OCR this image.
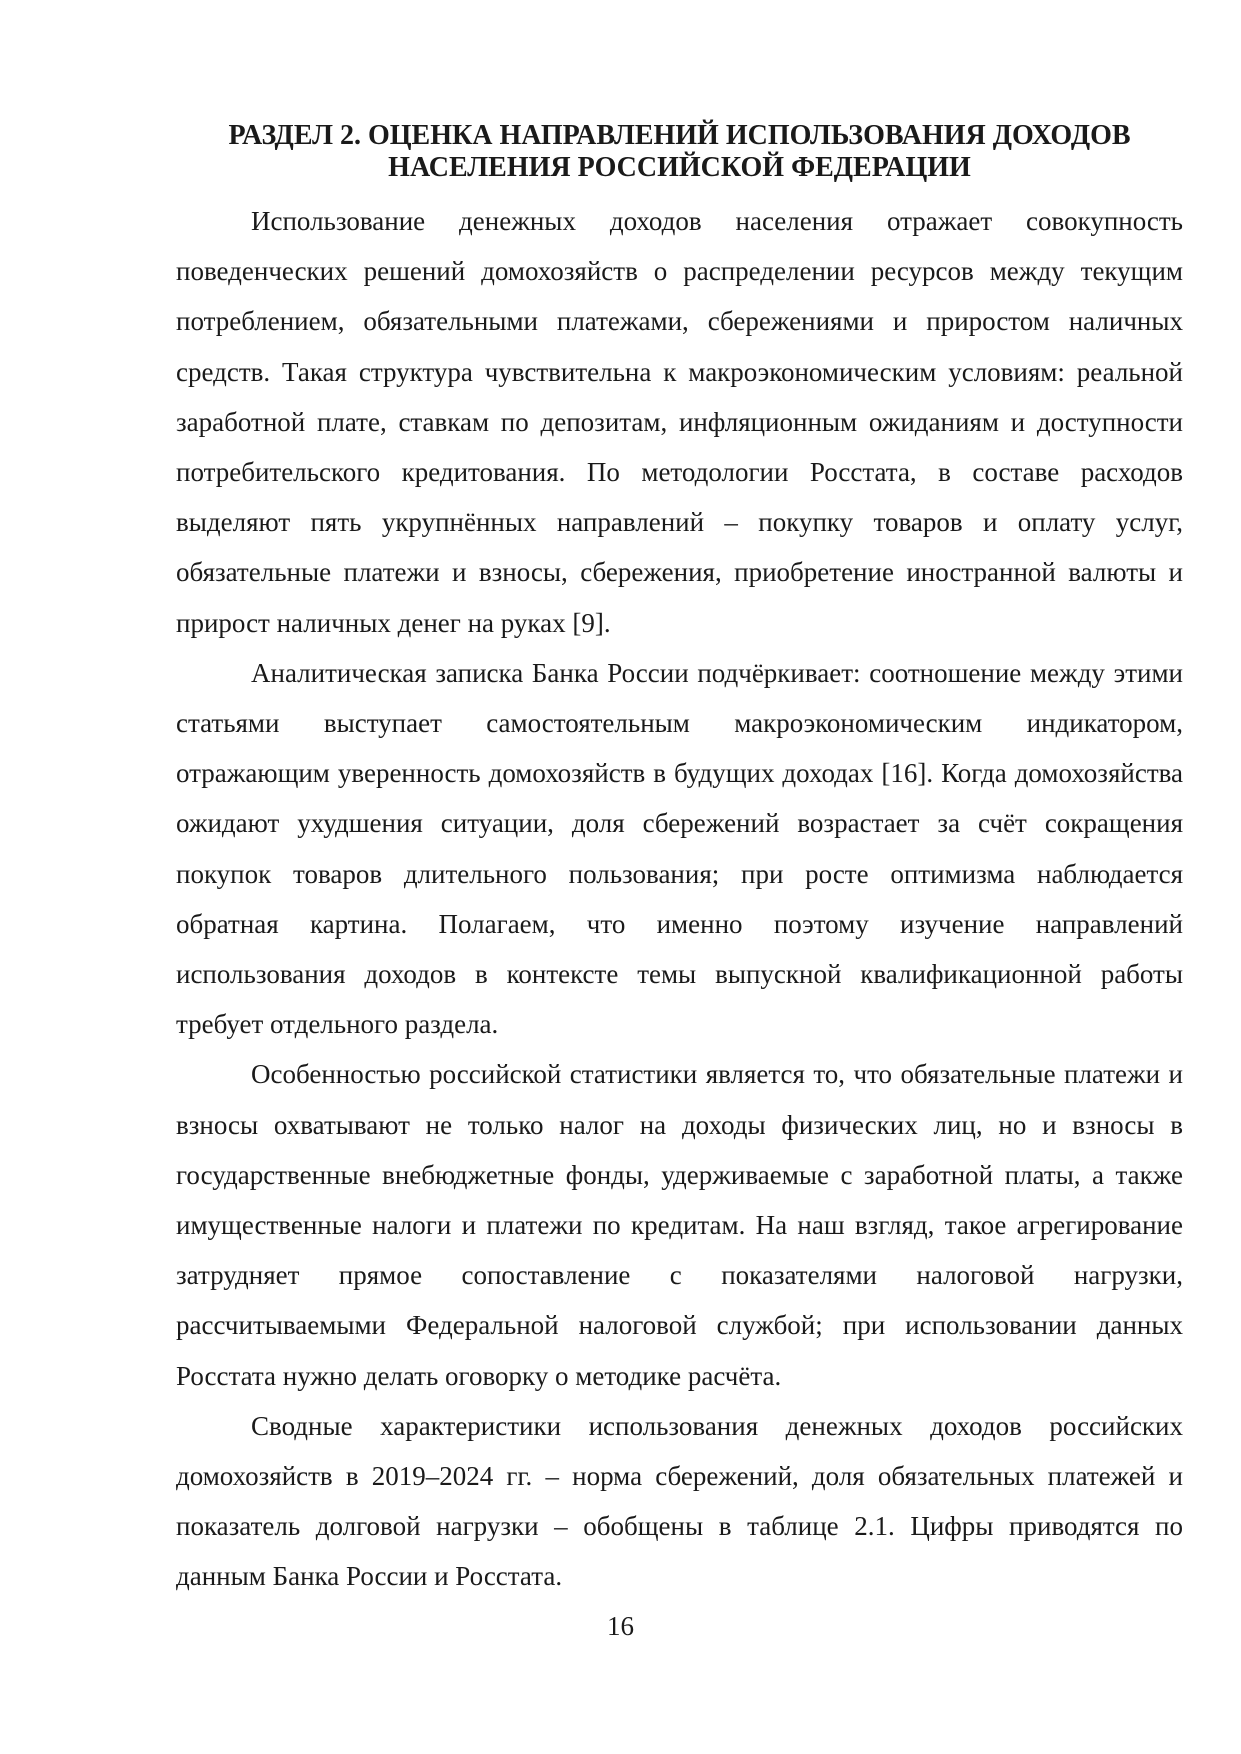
РАЗДЕЛ 2. ОЦЕНКА НАПРАВЛЕНИЙ ИСПОЛЬЗОВАНИЯ ДОХОДОВ
НАСЕЛЕНИЯ РОССИЙСКОЙ ФЕДЕРАЦИИ

Использование денежных доходов населения отражает совокупность поведенческих решений домохозяйств о распределении ресурсов между текущим потреблением, обязательными платежами, сбережениями и приростом наличных средств. Такая структура чувствительна к макроэкономическим условиям: реальной заработной плате, ставкам по депозитам, инфляционным ожиданиям и доступности потребительского кредитования. По методологии Росстата, в составе расходов выделяют пять укрупнённых направлений – покупку товаров и оплату услуг, обязательные платежи и взносы, сбережения, приобретение иностранной валюты и прирост наличных денег на руках [9].

Аналитическая записка Банка России подчёркивает: соотношение между этими статьями выступает самостоятельным макроэкономическим индикатором, отражающим уверенность домохозяйств в будущих доходах [16]. Когда домохозяйства ожидают ухудшения ситуации, доля сбережений возрастает за счёт сокращения покупок товаров длительного пользования; при росте оптимизма наблюдается обратная картина. Полагаем, что именно поэтому изучение направлений использования доходов в контексте темы выпускной квалификационной работы требует отдельного раздела.

Особенностью российской статистики является то, что обязательные платежи и взносы охватывают не только налог на доходы физических лиц, но и взносы в государственные внебюджетные фонды, удерживаемые с заработной платы, а также имущественные налоги и платежи по кредитам. На наш взгляд, такое агрегирование затрудняет прямое сопоставление с показателями налоговой нагрузки, рассчитываемыми Федеральной налоговой службой; при использовании данных Росстата нужно делать оговорку о методике расчёта.

Сводные характеристики использования денежных доходов российских домохозяйств в 2019–2024 гг. – норма сбережений, доля обязательных платежей и показатель долговой нагрузки – обобщены в таблице 2.1. Цифры приводятся по данным Банка России и Росстата.

16
